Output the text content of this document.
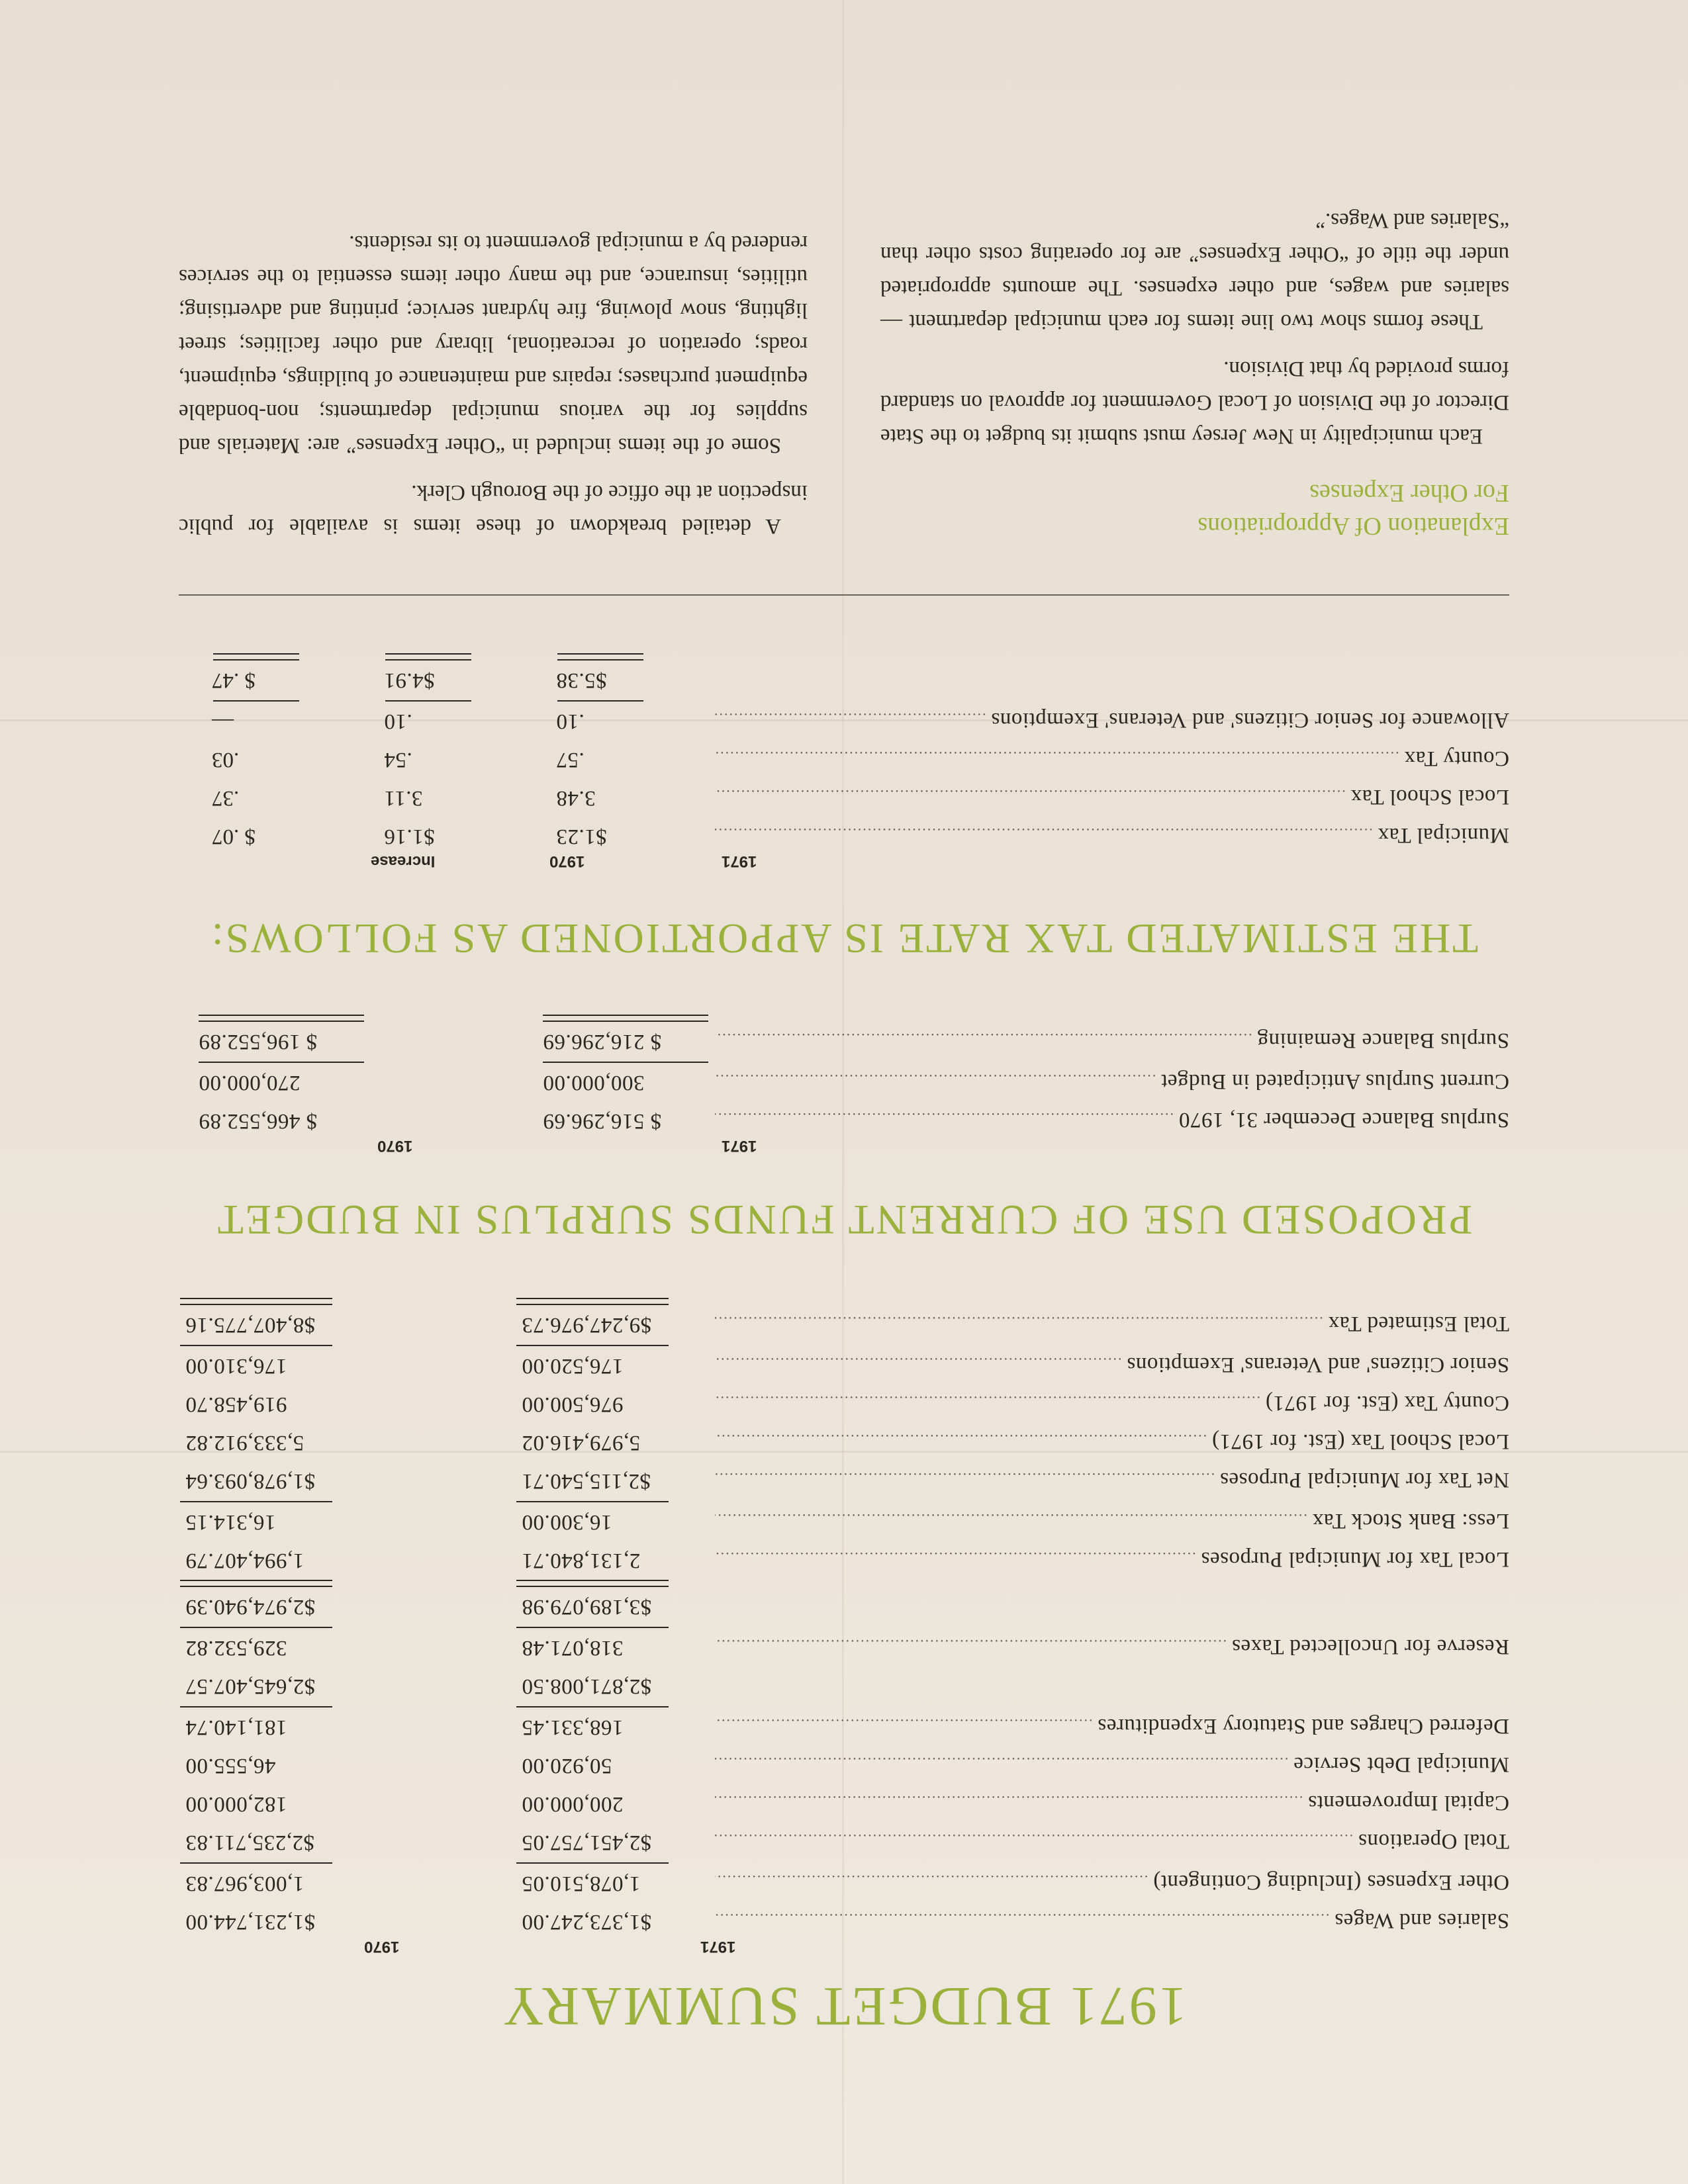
1971 BUDGET SUMMARY
1971
1970
Salaries and Wages .....
$1,373,247.00
$1,231,744.00
Other Expenses (Including Contingent) .....
1,078,510.05
1,003,967.83
Total Operations .....
$2,451,757.05
$2,235,711.83
Capital Improvements .....
200,000.00
182,000.00
Municipal Debt Service .....
50,920.00
46,555.00
Deferred Charges and Statutory Expenditures .....
168,331.45
181,140.74
$2,871,008.50
$2,645,407.57
Reserve for Uncollected Taxes .....
318,071.48
329,532.82
$3,189,079.98
$2,974,940.39
Local Tax for Municipal Purposes .....
2,131,840.71
1,994,407.79
Less: Bank Stock Tax .....
16,300.00
16,314.15
Net Tax for Municipal Purposes .....
$2,115,540.71
$1,978,093.64
Local School Tax (Est. for 1971) .....
5,979,416.02
5,333,912.82
County Tax (Est. for 1971) .....
976,500.00
919,458.70
Senior Citizens' and Veterans' Exemptions .....
176,520.00
176,310.00
Total Estimated Tax .....
$9,247,976.73
$8,407,775.16
PROPOSED USE OF CURRENT FUNDS SURPLUS IN BUDGET
1971
1970
Surplus Balance December 31, 1970 .....
$ 516,296.69
$ 466,552.89
Current Surplus Anticipated in Budget .....
300,000.00
270,000.00
Surplus Balance Remaining .....
$ 216,296.69
$ 196,552.89
THE ESTIMATED TAX RATE IS APPORTIONED AS FOLLOWS:
1971
1970
Increase
Municipal Tax .....
$1.23
$1.16
$ .07
Local School Tax .....
3.48
3.11
.37
County Tax .....
.57
.54
.03
Allowance for Senior Citizens' and Veterans' Exemptions .....
.10
.10
—
$5.38
$4.91
$ .47
Explanation Of Appropriations
For Other Expenses

Each municipality in New Jersey must submit its budget to the State Director of the Division of Local Government for approval on standard forms provided by that Division.

These forms show two line items for each municipal department — salaries and wages, and other expenses. The amounts appropriated under the title of “Other Expenses” are for operating costs other than “Salaries and Wages.”

A detailed breakdown of these items is available for public inspection at the office of the Borough Clerk.

Some of the items included in “Other Expenses” are: Materials and supplies for the various municipal departments; non-bondable equipment purchases; repairs and maintenance of buildings, equipment, roads; operation of recreational, library and other facilities; street lighting, snow plowing, fire hydrant service; printing and advertising; utilities, insurance, and the many other items essential to the services rendered by a municipal government to its residents.
